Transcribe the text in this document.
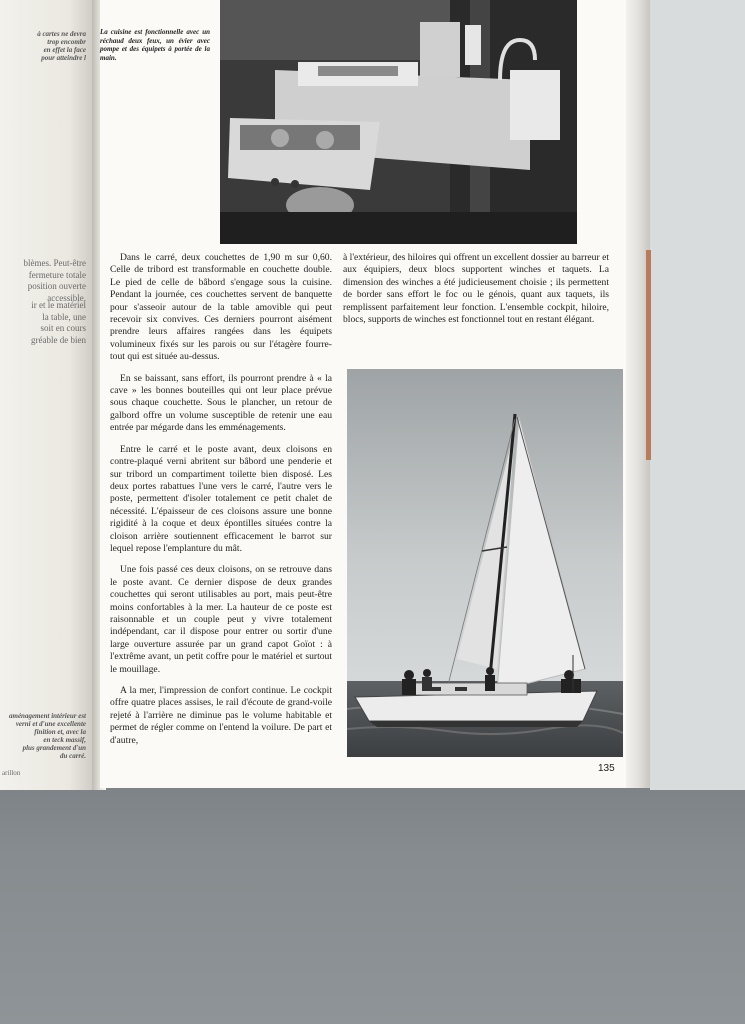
à cartes ne devra
trop encombr
en effet la face
pour atteindre l
blèmes. Peut-être
fermeture totale
position ouverte
accessible.
ir et le matériel
la table, une
soit en cours
gréable de bien
aménagement intérieur est
verni et d'une excellente
finition et, avec la
en teck massif,
plus grandement d'un
du carré.
arillon
La cuisine est fonctionnelle avec un réchaud deux feux, un évier avec pompe et des équipets à portée de la main.

Dans le carré, deux couchettes de 1,90 m sur 0,60. Celle de tribord est transformable en couchette double. Le pied de celle de bâbord s'engage sous la cuisine. Pendant la journée, ces couchettes servent de banquette pour s'asseoir autour de la table amovible qui peut recevoir six convives. Ces derniers pourront aisément prendre leurs affaires rangées dans les équipets volumineux fixés sur les parois ou sur l'étagère fourre-tout qui est située au-dessus.

En se baissant, sans effort, ils pourront prendre à « la cave » les bonnes bouteilles qui ont leur place prévue sous chaque couchette. Sous le plancher, un retour de galbord offre un volume susceptible de retenir une eau entrée par mégarde dans les emménagements.

Entre le carré et le poste avant, deux cloisons en contre-plaqué verni abritent sur bâbord une penderie et sur tribord un compartiment toilette bien disposé. Les deux portes rabattues l'une vers le carré, l'autre vers le poste, permettent d'isoler totalement ce petit chalet de nécessité. L'épaisseur de ces cloisons assure une bonne rigidité à la coque et deux épontilles situées contre la cloison arrière soutiennent efficacement le barrot sur lequel repose l'emplanture du mât.

Une fois passé ces deux cloisons, on se retrouve dans le poste avant. Ce dernier dispose de deux grandes couchettes qui seront utilisables au port, mais peut-être moins confortables à la mer. La hauteur de ce poste est raisonnable et un couple peut y vivre totalement indépendant, car il dispose pour entrer ou sortir d'une large ouverture assurée par un grand capot Goïot : à l'extrême avant, un petit coffre pour le matériel et surtout le mouillage.

A la mer, l'impression de confort continue. Le cockpit offre quatre places assises, le rail d'écoute de grand-voile rejeté à l'arrière ne diminue pas le volume habitable et permet de régler comme on l'entend la voilure. De part et d'autre,

à l'extérieur, des hiloires qui offrent un excellent dossier au barreur et aux équipiers, deux blocs supportent winches et taquets. La dimension des winches a été judicieusement choisie ; ils permettent de border sans effort le foc ou le génois, quant aux taquets, ils remplissent parfaitement leur fonction. L'ensemble cockpit, hiloire, blocs, supports de winches est fonctionnel tout en restant élégant.

135
